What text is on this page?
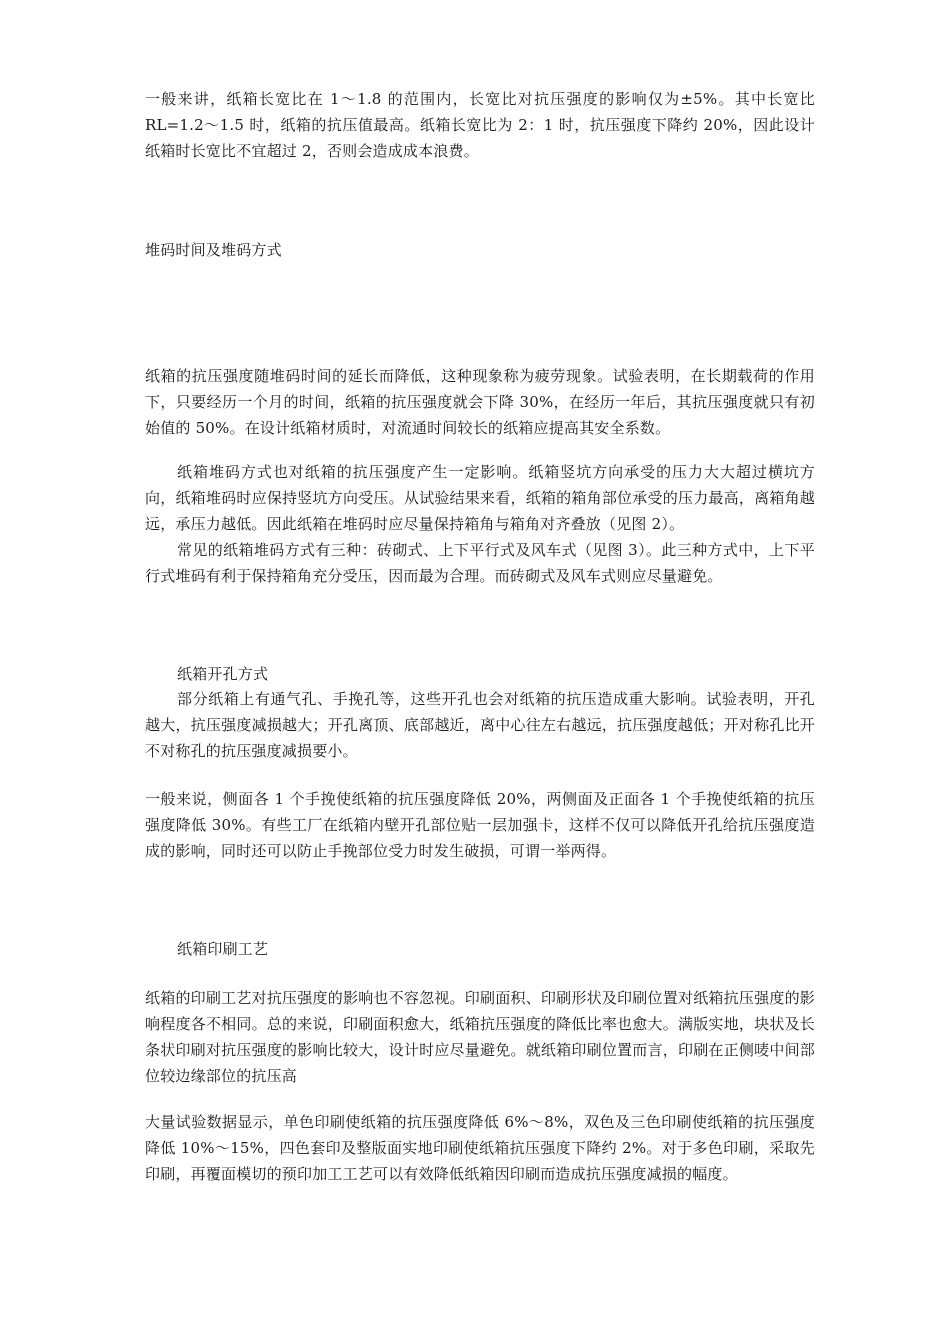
一般来讲，纸箱长宽比在 1～1.8 的范围内，长宽比对抗压强度的影响仅为±5%。其中长宽比 RL=1.2～1.5 时，纸箱的抗压值最高。纸箱长宽比为 2：1 时，抗压强度下降约 20%，因此设计纸箱时长宽比不宜超过 2，否则会造成成本浪费。

堆码时间及堆码方式

纸箱的抗压强度随堆码时间的延长而降低，这种现象称为疲劳现象。试验表明，在长期载荷的作用下，只要经历一个月的时间，纸箱的抗压强度就会下降 30%，在经历一年后，其抗压强度就只有初始值的 50%。在设计纸箱材质时，对流通时间较长的纸箱应提高其安全系数。

纸箱堆码方式也对纸箱的抗压强度产生一定影响。纸箱竖坑方向承受的压力大大超过横坑方向，纸箱堆码时应保持竖坑方向受压。从试验结果来看，纸箱的箱角部位承受的压力最高，离箱角越远，承压力越低。因此纸箱在堆码时应尽量保持箱角与箱角对齐叠放（见图 2）。

常见的纸箱堆码方式有三种：砖砌式、上下平行式及风车式（见图 3）。此三种方式中，上下平行式堆码有利于保持箱角充分受压，因而最为合理。而砖砌式及风车式则应尽量避免。

纸箱开孔方式

部分纸箱上有通气孔、手挽孔等，这些开孔也会对纸箱的抗压造成重大影响。试验表明，开孔越大，抗压强度减损越大；开孔离顶、底部越近，离中心往左右越远，抗压强度越低；开对称孔比开不对称孔的抗压强度减损要小。

一般来说，侧面各 1 个手挽使纸箱的抗压强度降低 20%，两侧面及正面各 1 个手挽使纸箱的抗压强度降低 30%。有些工厂在纸箱内壁开孔部位贴一层加强卡，这样不仅可以降低开孔给抗压强度造成的影响，同时还可以防止手挽部位受力时发生破损，可谓一举两得。

纸箱印刷工艺

纸箱的印刷工艺对抗压强度的影响也不容忽视。印刷面积、印刷形状及印刷位置对纸箱抗压强度的影响程度各不相同。总的来说，印刷面积愈大，纸箱抗压强度的降低比率也愈大。满版实地，块状及长条状印刷对抗压强度的影响比较大，设计时应尽量避免。就纸箱印刷位置而言，印刷在正侧唛中间部位较边缘部位的抗压高

大量试验数据显示，单色印刷使纸箱的抗压强度降低 6%～8%，双色及三色印刷使纸箱的抗压强度降低 10%～15%，四色套印及整版面实地印刷使纸箱抗压强度下降约 2%。对于多色印刷，采取先印刷，再覆面模切的预印加工工艺可以有效降低纸箱因印刷而造成抗压强度减损的幅度。
